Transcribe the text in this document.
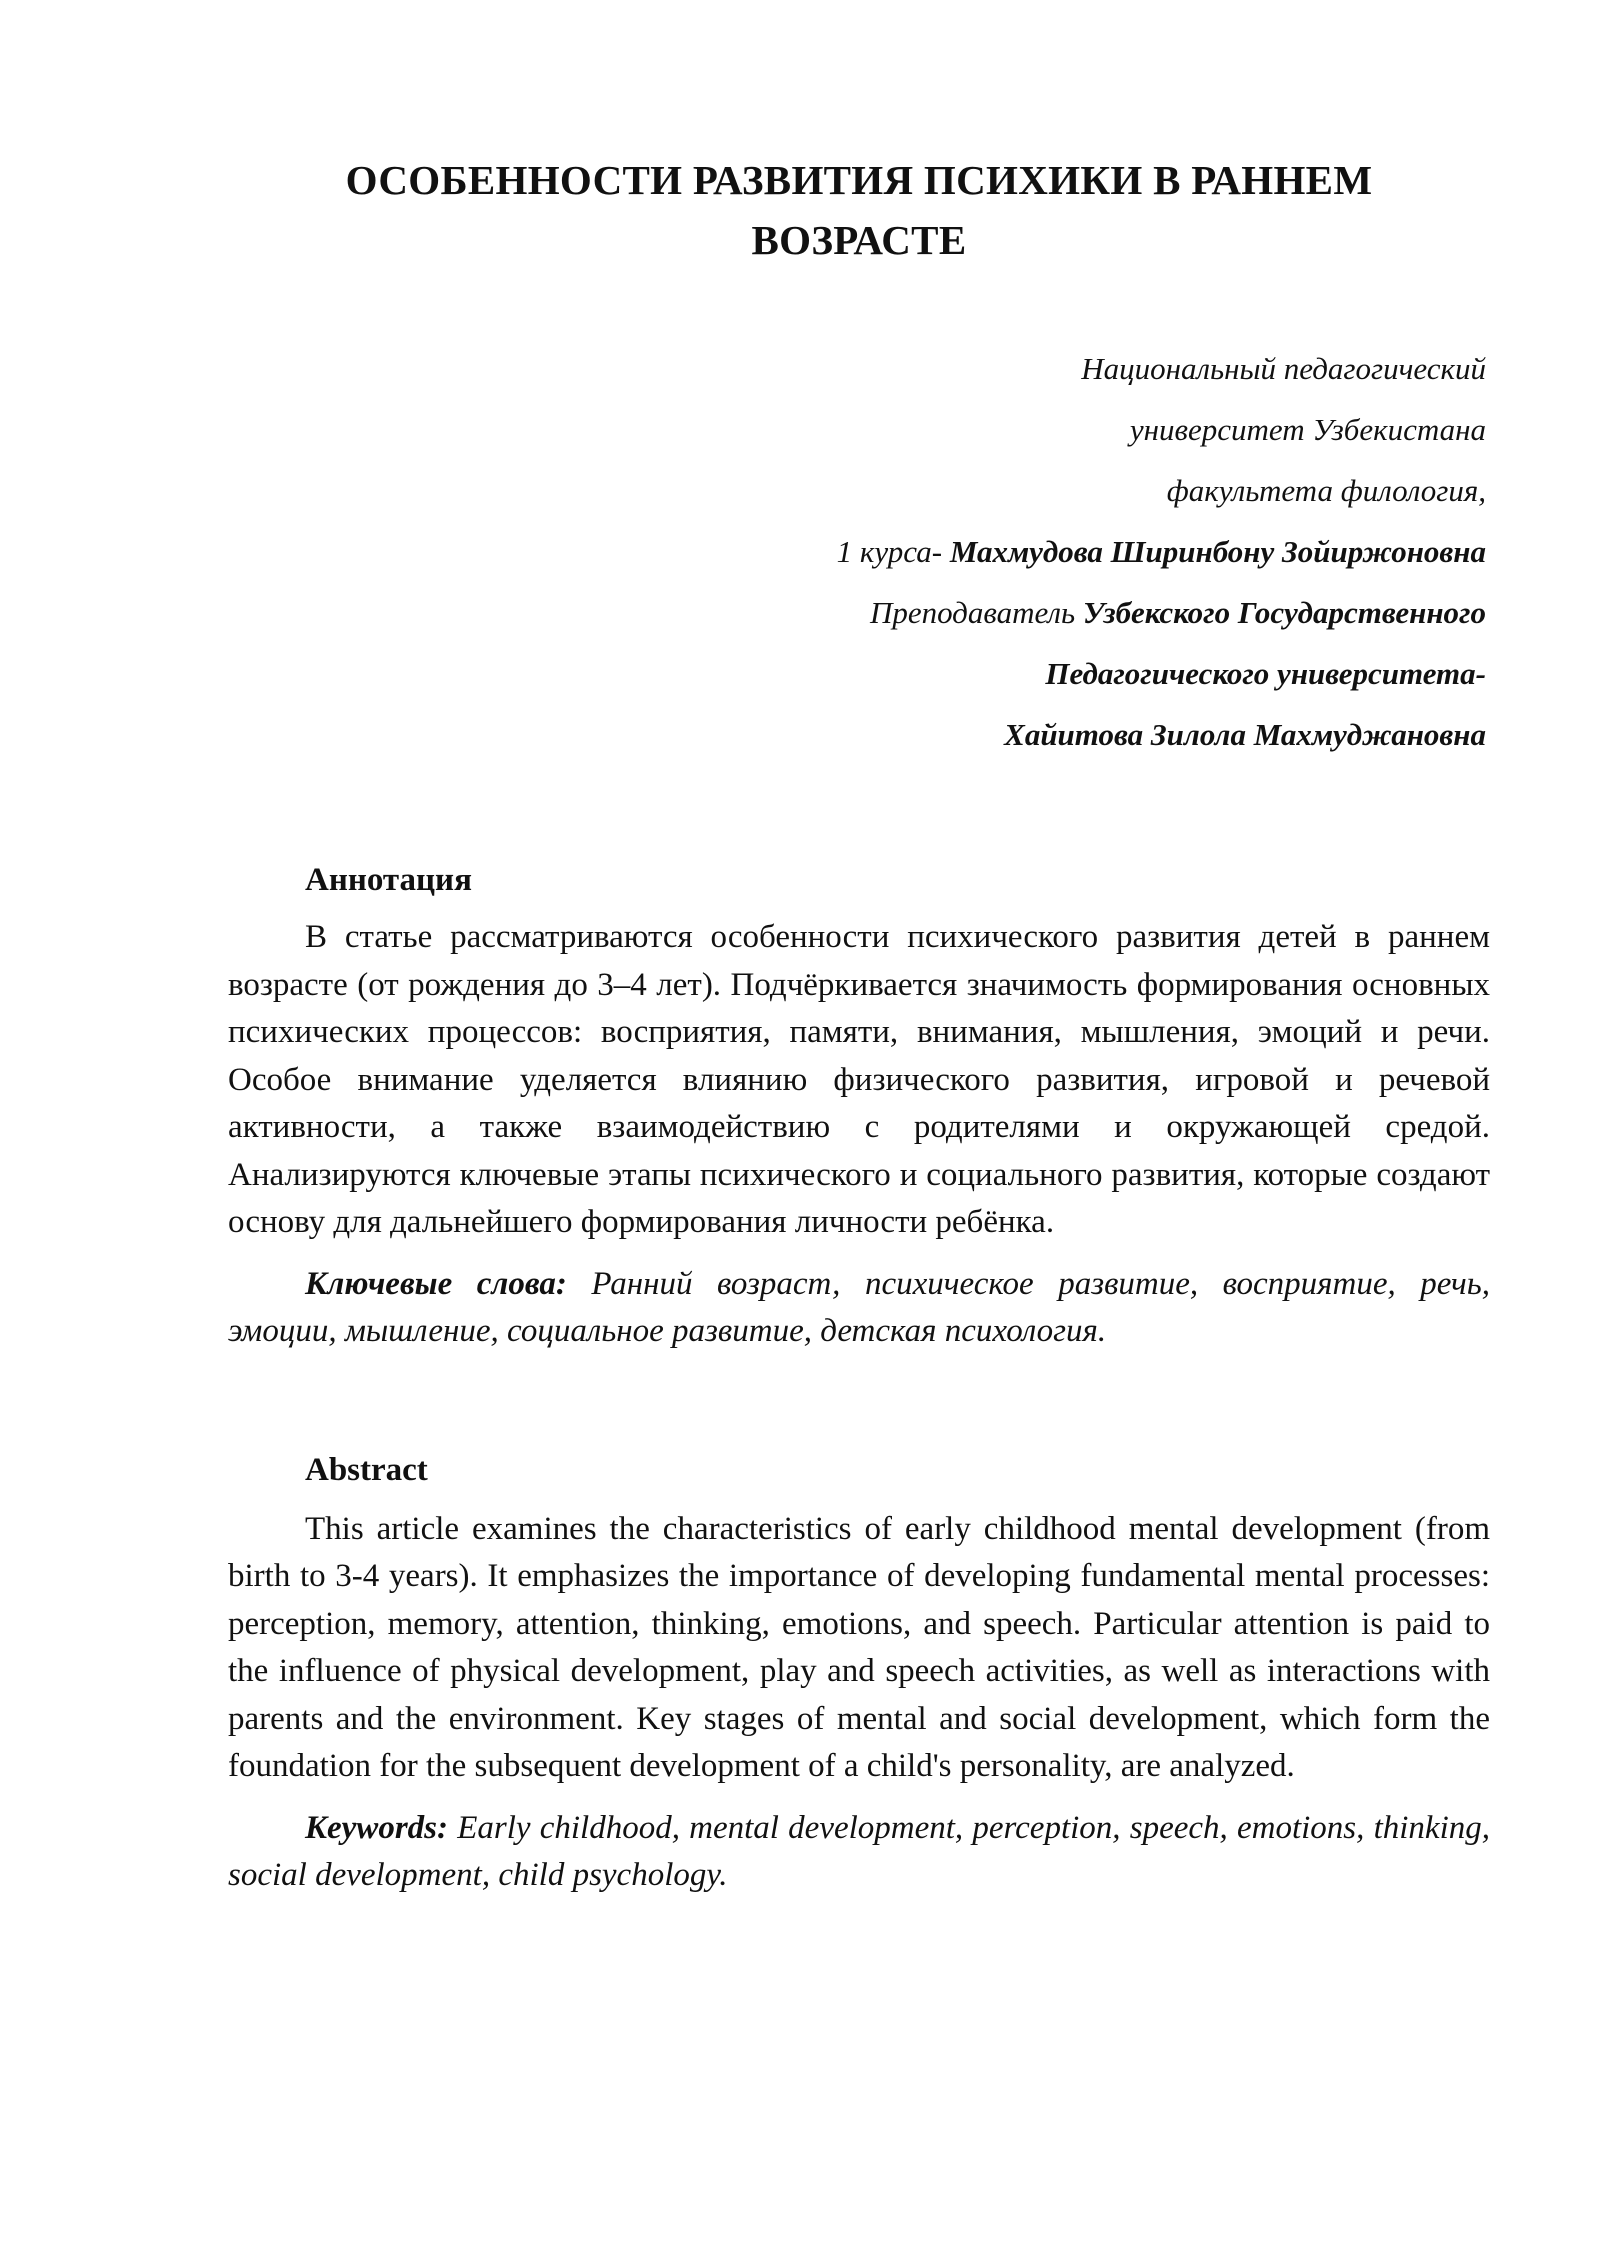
ОСОБЕННОСТИ РАЗВИТИЯ ПСИХИКИ В РАННЕМ
ВОЗРАСТЕ
Национальный педагогический
университет Узбекистана
факультета филология,
1 курса- Махмудова Ширинбону Зойиржоновна
Преподаватель Узбекского Государственного
Педагогического университета-
Хайитова Зилола Махмуджановна
Аннотация

В статье рассматриваются особенности психического развития детей в раннем возрасте (от рождения до 3–4 лет). Подчёркивается значимость формирования основных психических процессов: восприятия, памяти, внимания, мышления, эмоций и речи. Особое внимание уделяется влиянию физического развития, игровой и речевой активности, а также взаимодействию с родителями и окружающей средой. Анализируются ключевые этапы психического и социального развития, которые создают основу для дальнейшего формирования личности ребёнка.

Ключевые слова: Ранний возраст, психическое развитие, восприятие, речь, эмоции, мышление, социальное развитие, детская психология.

Abstract

This article examines the characteristics of early childhood mental development (from birth to 3-4 years). It emphasizes the importance of developing fundamental mental processes: perception, memory, attention, thinking, emotions, and speech. Particular attention is paid to the influence of physical development, play and speech activities, as well as interactions with parents and the environment. Key stages of mental and social development, which form the foundation for the subsequent development of a child's personality, are analyzed.

Keywords: Early childhood, mental development, perception, speech, emotions, thinking, social development, child psychology.
